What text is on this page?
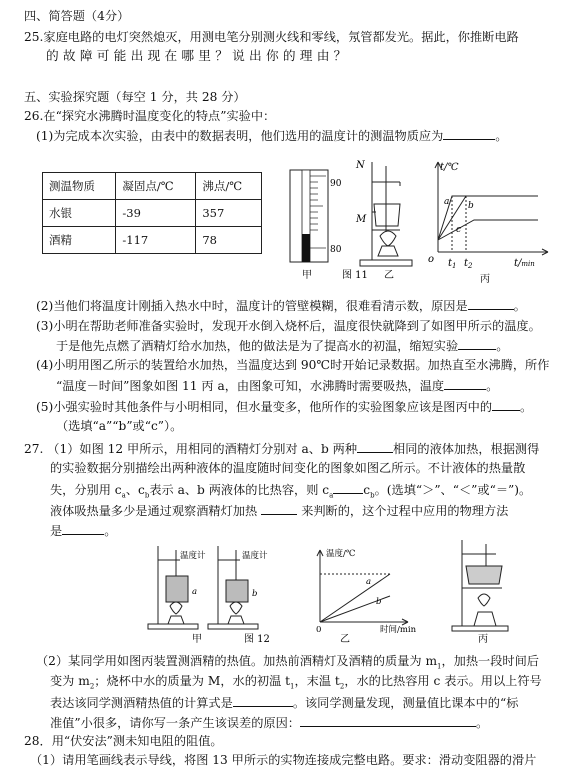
四、简答题（4分）
25.家庭电路的电灯突然熄灭，用测电笔分别测火线和零线，氖管都发光。据此，你推断电路
的 故 障 可 能 出 现 在 哪 里 ？ 说 出 你 的 理 由 ？
五、实验探究题（每空 1 分，共 28 分）
26.在“探究水沸腾时温度变化的特点”实验中：
(1)为完成本次实验，由表中的数据表明，他们选用的温度计的测温物质应为	。
测温物质	凝固点/℃	沸点/℃
水银	-39	357
酒精	-117	78
90
80
甲	图 11
N
M
乙
t/℃
o
a b
c
$t_1$ $t_2$	t/min
丙
(2)当他们将温度计刚插入热水中时，温度计的管壁模糊，很难看清示数，原因是	。
(3)小明在帮助老师准备实验时，发现开水倒入烧杯后，温度很快就降到了如图甲所示的温度。
于是他先点燃了酒精灯给水加热，他的做法是为了提高水的初温，缩短实验	。
(4)小明用图乙所示的装置给水加热，当温度达到 90℃时开始记录数据。加热直至水沸腾，所作
“温度－时间”图象如图 11 丙 a，由图象可知，水沸腾时需要吸热，温度	。
(5)小强实验时其他条件与小明相同，但水量变多，他所作的实验图象应该是图丙中的 。
（选填“a”“b”或“c”）。
27. （1）如图 12 甲所示，用相同的酒精灯分别对 a、b 两种	相同的液体加热，根据测得
的实验数据分别描绘出两种液体的温度随时间变化的图象如图乙所示。不计液体的热量散
失，分别用 $c_a$、$c_b$表示 a、b 两液体的比热容，则 $c_a$ $c_b$。(选填“＞”、“＜”或“＝”)。
液体吸热量多少是通过观察酒精灯加热	来判断的，这个过程中应用的物理方法
是	。
温度计	温度计
a	b
甲	图 12
温度/℃
0
a
b
时间/min
乙	丙
（2）某同学用如图丙装置测酒精的热值。加热前酒精灯及酒精的质量为 $m_1$，加热一段时间后
变为 $m_2$；烧杯中水的质量为 M，水的初温 $t_1$，末温 $t_2$，水的比热容用 c 表示。用以上符号
表达该同学测酒精热值的计算式是	。该同学测量发现，测量值比课本中的“标
准值”小很多，请你写一条产生该误差的原因：	。
28．用“伏安法”测未知电阻的阻值。
（1）请用笔画线表示导线，将图 13 甲所示的实物连接成完整电路。要求：滑动变阻器的滑片
